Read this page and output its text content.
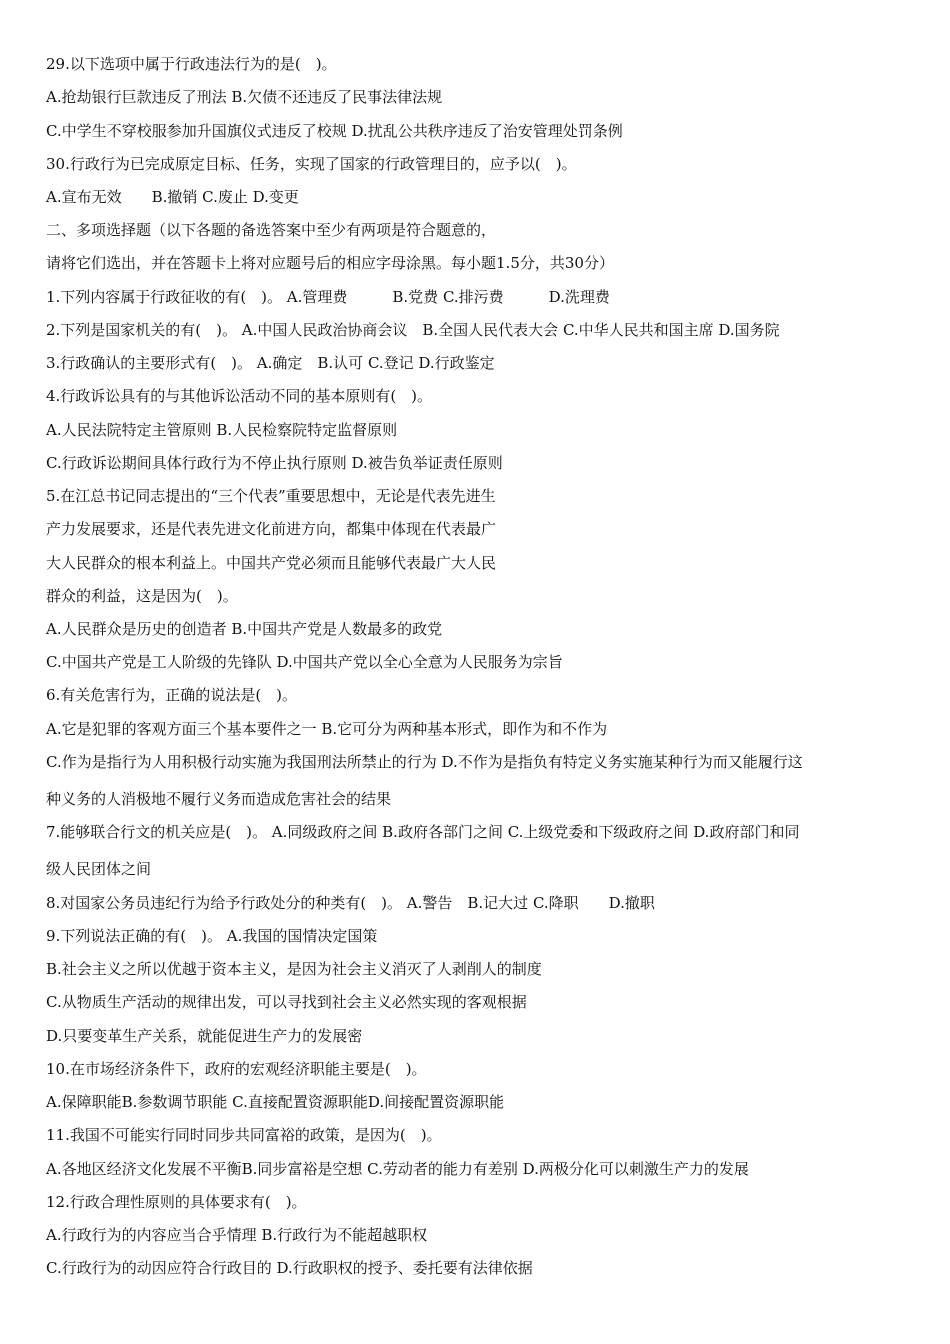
29.以下选项中属于行政违法行为的是(　)。
A.抢劫银行巨款违反了刑法 B.欠债不还违反了民事法律法规
C.中学生不穿校服参加升国旗仪式违反了校规 D.扰乱公共秩序违反了治安管理处罚条例
30.行政行为已完成原定目标、任务，实现了国家的行政管理目的，应予以(　)。
A.宣布无效　　B.撤销 C.废止 D.变更
二、多项选择题（以下各题的备选答案中至少有两项是符合题意的，
请将它们选出，并在答题卡上将对应题号后的相应字母涂黑。每小题1.5分，共30分）
1.下列内容属于行政征收的有(　)。 A.管理费　　　B.党费 C.排污费　　　D.洗理费
2.下列是国家机关的有(　)。 A.中国人民政治协商会议　B.全国人民代表大会 C.中华人民共和国主席 D.国务院
3.行政确认的主要形式有(　)。 A.确定　B.认可 C.登记 D.行政鉴定
4.行政诉讼具有的与其他诉讼活动不同的基本原则有(　)。
A.人民法院特定主管原则 B.人民检察院特定监督原则
C.行政诉讼期间具体行政行为不停止执行原则 D.被告负举证责任原则
5.在江总书记同志提出的“三个代表”重要思想中，无论是代表先进生
产力发展要求，还是代表先进文化前进方向，都集中体现在代表最广
大人民群众的根本利益上。中国共产党必须而且能够代表最广大人民
群众的利益，这是因为(　)。
A.人民群众是历史的创造者 B.中国共产党是人数最多的政党
C.中国共产党是工人阶级的先锋队 D.中国共产党以全心全意为人民服务为宗旨
6.有关危害行为，正确的说法是(　)。
A.它是犯罪的客观方面三个基本要件之一 B.它可分为两种基本形式，即作为和不作为
C.作为是指行为人用积极行动实施为我国刑法所禁止的行为 D.不作为是指负有特定义务实施某种行为而又能履行这
种义务的人消极地不履行义务而造成危害社会的结果
7.能够联合行文的机关应是(　)。 A.同级政府之间 B.政府各部门之间 C.上级党委和下级政府之间 D.政府部门和同
级人民团体之间
8.对国家公务员违纪行为给予行政处分的种类有(　)。 A.警告　B.记大过 C.降职　　D.撤职
9.下列说法正确的有(　)。 A.我国的国情决定国策
B.社会主义之所以优越于资本主义，是因为社会主义消灭了人剥削人的制度
C.从物质生产活动的规律出发，可以寻找到社会主义必然实现的客观根据
D.只要变革生产关系，就能促进生产力的发展密
10.在市场经济条件下，政府的宏观经济职能主要是(　)。
A.保障职能B.参数调节职能 C.直接配置资源职能D.间接配置资源职能
11.我国不可能实行同时同步共同富裕的政策，是因为(　)。
A.各地区经济文化发展不平衡B.同步富裕是空想 C.劳动者的能力有差别 D.两极分化可以刺激生产力的发展
12.行政合理性原则的具体要求有(　)。
A.行政行为的内容应当合乎情理 B.行政行为不能超越职权
C.行政行为的动因应符合行政目的 D.行政职权的授予、委托要有法律依据
